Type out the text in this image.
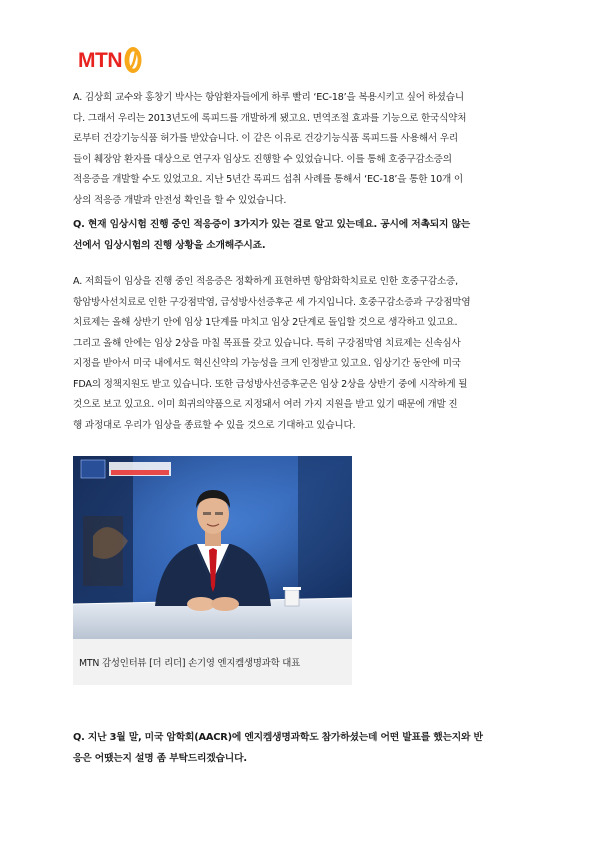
MTN

A. 김상희 교수와 홍창기 박사는 항암환자들에게 하루 빨리 ‘EC-18’을 복용시키고 싶어 하셨습니
다. 그래서 우리는 2013년도에 록피드를 개발하게 됐고요. 면역조절 효과를 기능으로 한국식약처
로부터 건강기능식품 허가를 받았습니다. 이 같은 이유로 건강기능식품 록피드를 사용해서 우리
들이 췌장암 환자를 대상으로 연구자 임상도 진행할 수 있었습니다. 이를 통해 호중구감소증의
적응증을 개발할 수도 있었고요. 지난 5년간 록피드 섭취 사례를 통해서 ‘EC-18’을 통한 10개 이
상의 적응증 개발과 안전성 확인을 할 수 있었습니다.

Q. 현재 임상시험 진행 중인 적응증이 3가지가 있는 걸로 알고 있는데요. 공시에 저촉되지 않는
선에서 임상시험의 진행 상황을 소개해주시죠.

A. 저희들이 임상을 진행 중인 적응증은 정확하게 표현하면 항암화학치료로 인한 호중구감소증,
항암방사선치료로 인한 구강점막염, 급성방사선증후군 세 가지입니다. 호중구감소증과 구강점막염
치료제는 올해 상반기 안에 임상 1단계를 마치고 임상 2단계로 돌입할 것으로 생각하고 있고요.
그리고 올해 안에는 임상 2상을 마칠 목표를 갖고 있습니다. 특히 구강점막염 치료제는 신속심사
지정을 받아서 미국 내에서도 혁신신약의 가능성을 크게 인정받고 있고요. 임상기간 동안에 미국
FDA의 정책지원도 받고 있습니다. 또한 급성방사선증후군은 임상 2상을 상반기 중에 시작하게 될
것으로 보고 있고요. 이미 희귀의약품으로 지정돼서 여러 가지 지원을 받고 있기 때문에 개발 진
행 과정대로 우리가 임상을 종료할 수 있을 것으로 기대하고 있습니다.

Q. 지난 3월 말, 미국 암학회(AACR)에 엔지켐생명과학도 참가하셨는데 어떤 발표를 했는지와 반
응은 어땠는지 설명 좀 부탁드리겠습니다.

MTN 감성인터뷰 [더 리더] 손기영 엔지켐생명과학 대표
